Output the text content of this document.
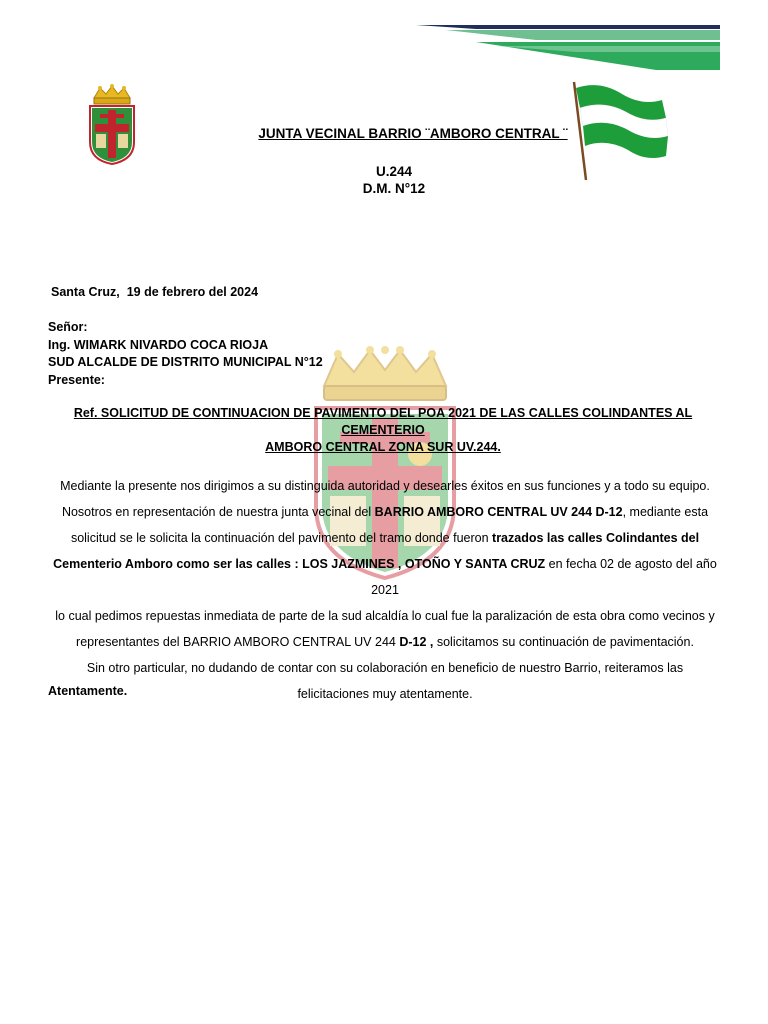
JUNTA VECINAL BARRIO ¨AMBORO CENTRAL ¨
U.244
D.M. N°12
Santa Cruz,  19 de febrero del 2024
Señor:
Ing. WIMARK NIVARDO COCA RIOJA
SUD ALCALDE DE DISTRITO MUNICIPAL N°12
Presente:
Ref. SOLICITUD DE CONTINUACION DE PAVIMENTO DEL POA 2021 DE LAS CALLES COLINDANTES AL CEMENTERIO
AMBORO CENTRAL ZONA SUR UV.244.
Mediante la presente nos dirigimos a su distinguida autoridad y desearles éxitos en sus funciones y a todo su equipo.
Nosotros en representación de nuestra junta vecinal del BARRIO AMBORO CENTRAL UV 244 D-12, mediante esta
solicitud se le solicita la continuación del pavimento del tramo donde fueron trazados las calles Colindantes del
Cementerio Amboro como ser las calles : LOS JAZMINES , OTOÑO Y SANTA CRUZ en fecha 02 de agosto del año 2021
lo cual pedimos repuestas inmediata de parte de la sud alcaldía lo cual fue la paralización de esta obra como vecinos y
representantes del BARRIO AMBORO CENTRAL UV 244 D-12 , solicitamos su continuación de pavimentación.
Sin otro particular, no dudando de contar con su colaboración en beneficio de nuestro Barrio, reiteramos las
felicitaciones muy atentamente.
Atentamente.
